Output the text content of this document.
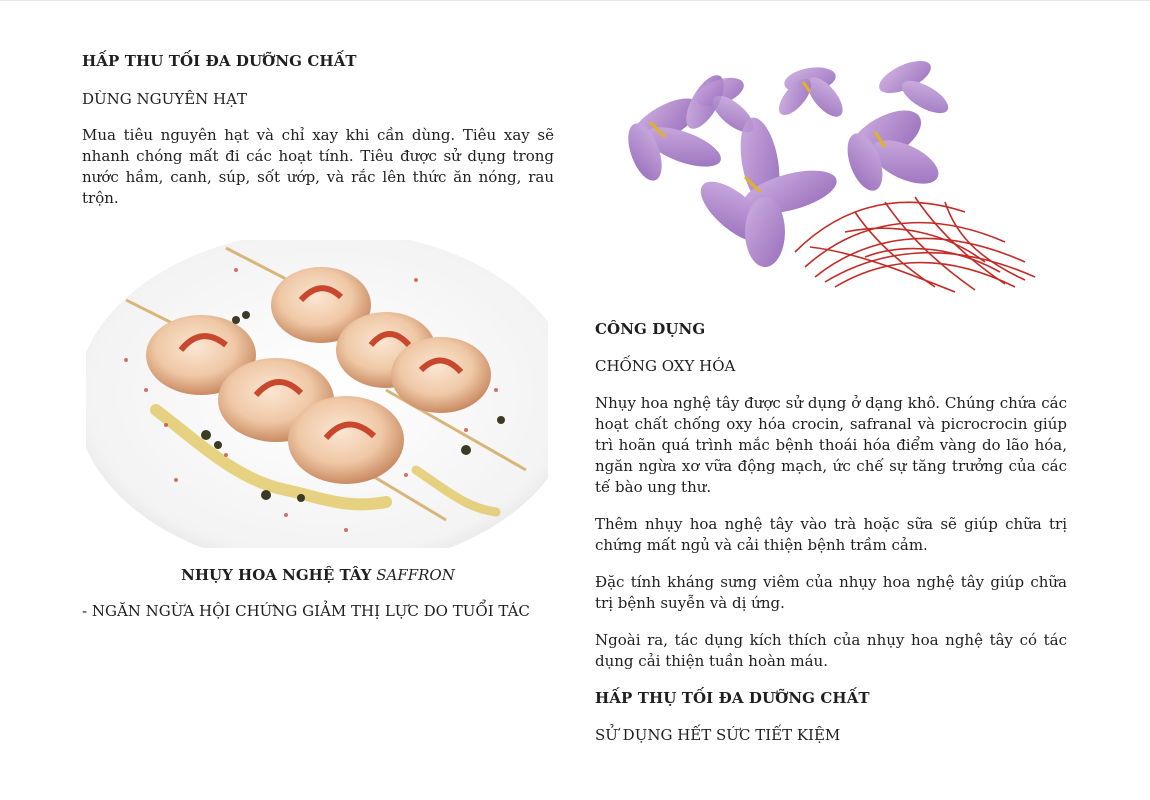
HẤP THU TỐI ĐA DƯỠNG CHẤT

DÙNG NGUYÊN HẠT

Mua tiêu nguyên hạt và chỉ xay khi cần dùng. Tiêu xay sẽ nhanh chóng mất đi các hoạt tính. Tiêu được sử dụng trong nước hầm, canh, súp, sốt ướp, và rắc lên thức ăn nóng, rau trộn.

NHỤY HOA NGHỆ TÂY SAFFRON

- NGĂN NGỪA HỘI CHỨNG GIẢM THỊ LỰC DO TUỔI TÁC

CÔNG DỤNG

CHỐNG OXY HÓA

Nhụy hoa nghệ tây được sử dụng ở dạng khô. Chúng chứa các hoạt chất chống oxy hóa crocin, safranal và picrocrocin giúp trì hoãn quá trình mắc bệnh thoái hóa điểm vàng do lão hóa, ngăn ngừa xơ vữa động mạch, ức chế sự tăng trưởng của các tế bào ung thư.

Thêm nhụy hoa nghệ tây vào trà hoặc sữa sẽ giúp chữa trị chứng mất ngủ và cải thiện bệnh trầm cảm.

Đặc tính kháng sưng viêm của nhụy hoa nghệ tây giúp chữa trị bệnh suyễn và dị ứng.

Ngoài ra, tác dụng kích thích của nhụy hoa nghệ tây có tác dụng cải thiện tuần hoàn máu.

HẤP THỤ TỐI ĐA DƯỠNG CHẤT

SỬ DỤNG HẾT SỨC TIẾT KIỆM
